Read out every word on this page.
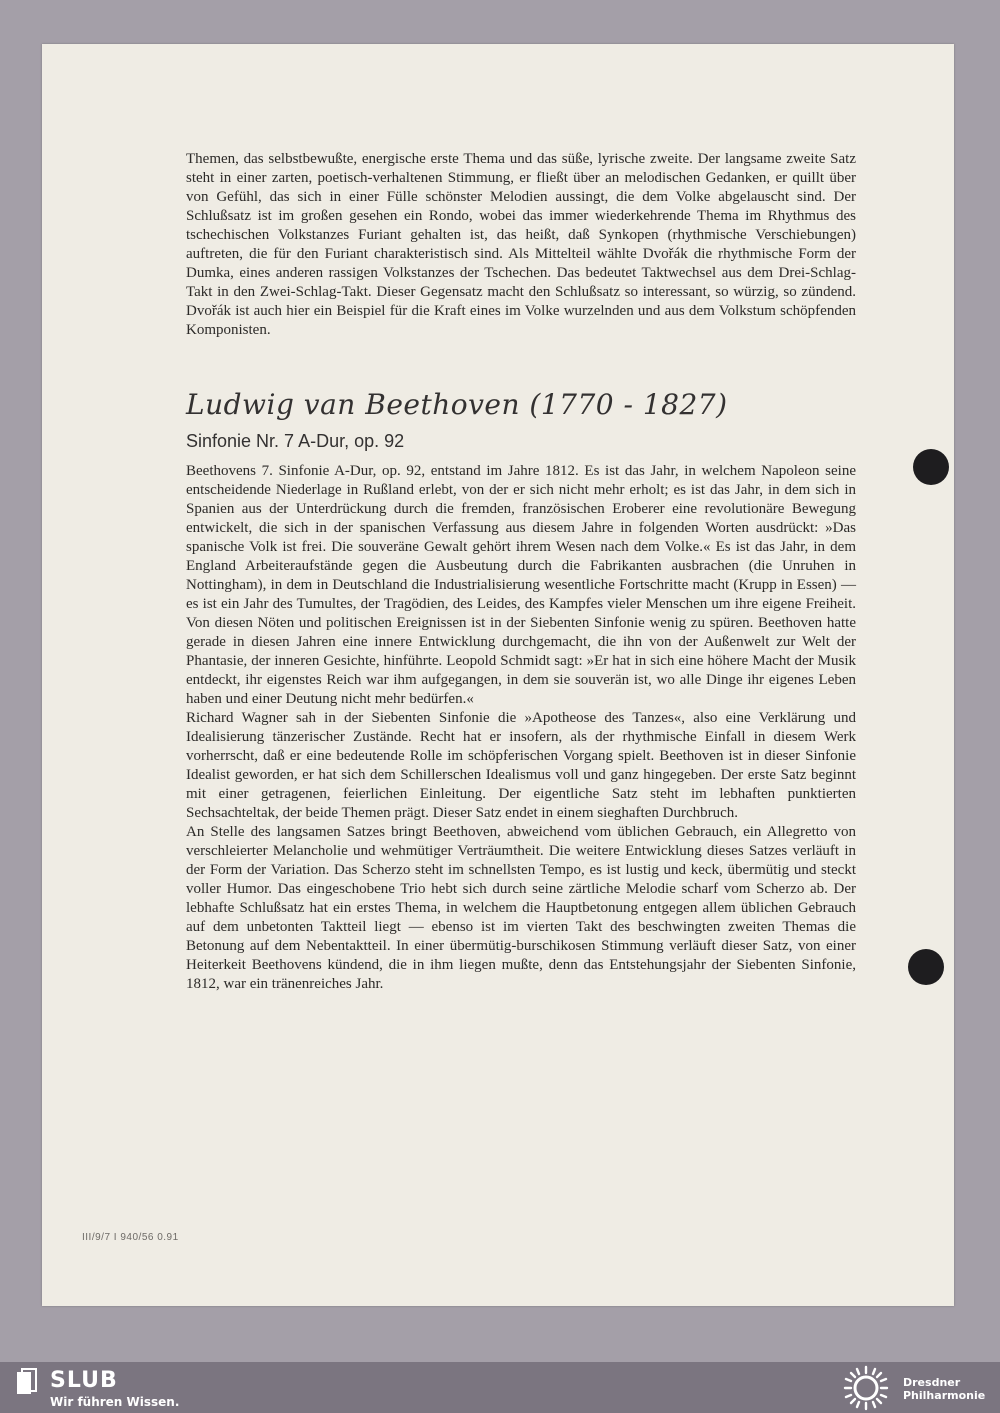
Themen, das selbstbewußte, energische erste Thema und das süße, lyrische zweite. Der langsame zweite Satz steht in einer zarten, poetisch-verhaltenen Stimmung, er fließt über an melodischen Gedanken, er quillt über von Gefühl, das sich in einer Fülle schönster Melodien aussingt, die dem Volke abgelauscht sind. Der Schlußsatz ist im großen gesehen ein Rondo, wobei das immer wiederkehrende Thema im Rhythmus des tschechischen Volkstanzes Furiant gehalten ist, das heißt, daß Synkopen (rhythmische Verschiebungen) auftreten, die für den Furiant charakteristisch sind. Als Mittelteil wählte Dvořák die rhythmische Form der Dumka, eines anderen rassigen Volkstanzes der Tschechen. Das bedeutet Taktwechsel aus dem Drei-Schlag-Takt in den Zwei-Schlag-Takt. Dieser Gegensatz macht den Schlußsatz so interessant, so würzig, so zündend. Dvořák ist auch hier ein Beispiel für die Kraft eines im Volke wurzelnden und aus dem Volkstum schöpfenden Komponisten.

Ludwig van Beethoven (1770 - 1827)
Sinfonie Nr. 7 A-Dur, op. 92

Beethovens 7. Sinfonie A-Dur, op. 92, entstand im Jahre 1812. Es ist das Jahr, in welchem Napoleon seine entscheidende Niederlage in Rußland erlebt, von der er sich nicht mehr erholt; es ist das Jahr, in dem sich in Spanien aus der Unterdrückung durch die fremden, französischen Eroberer eine revolutionäre Bewegung entwickelt, die sich in der spanischen Verfassung aus diesem Jahre in folgenden Worten ausdrückt: »Das spanische Volk ist frei. Die souveräne Gewalt gehört ihrem Wesen nach dem Volke.« Es ist das Jahr, in dem England Arbeiteraufstände gegen die Ausbeutung durch die Fabrikanten ausbrachen (die Unruhen in Nottingham), in dem in Deutschland die Industrialisierung wesentliche Fortschritte macht (Krupp in Essen) — es ist ein Jahr des Tumultes, der Tragödien, des Leides, des Kampfes vieler Menschen um ihre eigene Freiheit. Von diesen Nöten und politischen Ereignissen ist in der Siebenten Sinfonie wenig zu spüren. Beethoven hatte gerade in diesen Jahren eine innere Entwicklung durchgemacht, die ihn von der Außenwelt zur Welt der Phantasie, der inneren Gesichte, hinführte. Leopold Schmidt sagt: »Er hat in sich eine höhere Macht der Musik entdeckt, ihr eigenstes Reich war ihm aufgegangen, in dem sie souverän ist, wo alle Dinge ihr eigenes Leben haben und einer Deutung nicht mehr bedürfen.«

Richard Wagner sah in der Siebenten Sinfonie die »Apotheose des Tanzes«, also eine Verklärung und Idealisierung tänzerischer Zustände. Recht hat er insofern, als der rhythmische Einfall in diesem Werk vorherrscht, daß er eine bedeutende Rolle im schöpferischen Vorgang spielt. Beethoven ist in dieser Sinfonie Idealist geworden, er hat sich dem Schillerschen Idealismus voll und ganz hingegeben. Der erste Satz beginnt mit einer getragenen, feierlichen Einleitung. Der eigentliche Satz steht im lebhaften punktierten Sechsachteltak, der beide Themen prägt. Dieser Satz endet in einem sieghaften Durchbruch.

An Stelle des langsamen Satzes bringt Beethoven, abweichend vom üblichen Gebrauch, ein Allegretto von verschleierter Melancholie und wehmütiger Verträumtheit. Die weitere Entwicklung dieses Satzes verläuft in der Form der Variation. Das Scherzo steht im schnellsten Tempo, es ist lustig und keck, übermütig und steckt voller Humor. Das eingeschobene Trio hebt sich durch seine zärtliche Melodie scharf vom Scherzo ab. Der lebhafte Schlußsatz hat ein erstes Thema, in welchem die Hauptbetonung entgegen allem üblichen Gebrauch auf dem unbetonten Taktteil liegt — ebenso ist im vierten Takt des beschwingten zweiten Themas die Betonung auf dem Nebentaktteil. In einer übermütig-burschikosen Stimmung verläuft dieser Satz, von einer Heiterkeit Beethovens kündend, die in ihm liegen mußte, denn das Entstehungsjahr der Siebenten Sinfonie, 1812, war ein tränenreiches Jahr.

III/9/7 I 940/56 0.91
SLUB
Wir führen Wissen.
Dresdner
Philharmonie
